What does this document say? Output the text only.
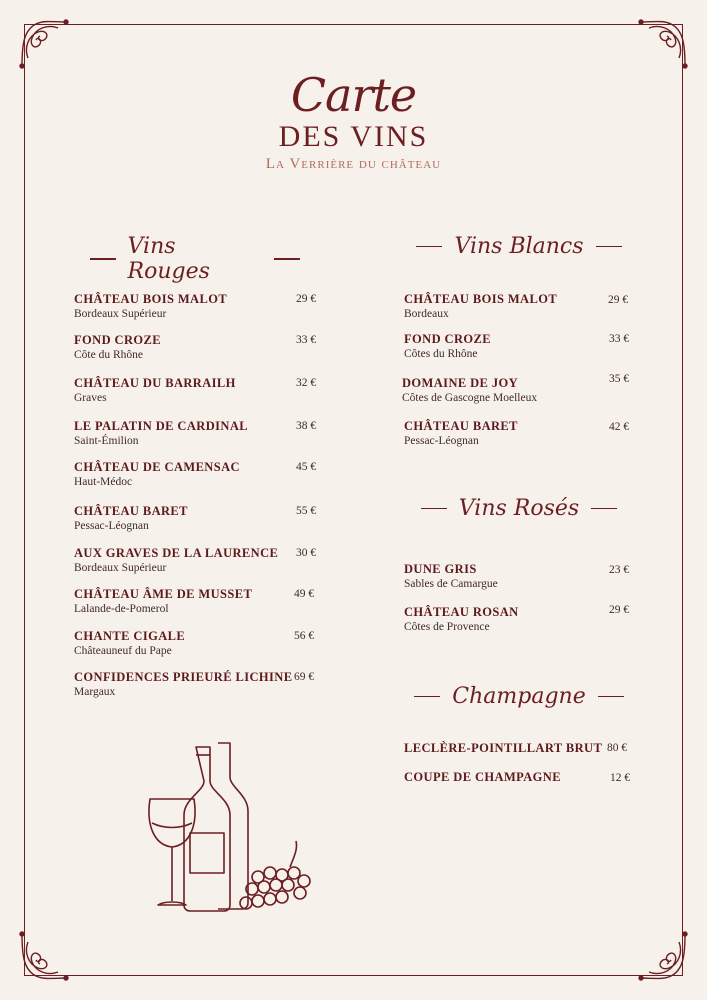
Carte
DES VINS
La Verrière du château
Vins Rouges
Vins Blancs
Vins Rosés
Champagne
CHÂTEAU BOIS MALOT
Bordeaux Supérieur
29 €
FOND CROZE
Côte du Rhône
33 €
CHÂTEAU DU BARRAILH
Graves
32 €
LE PALATIN DE CARDINAL
Saint-Émilion
38 €
CHÂTEAU DE CAMENSAC
Haut-Médoc
45 €
CHÂTEAU BARET
Pessac-Léognan
55 €
AUX GRAVES DE LA LAURENCE
Bordeaux Supérieur
30 €
CHÂTEAU ÂME DE MUSSET
Lalande-de-Pomerol
49 €
CHANTE CIGALE
Châteauneuf du Pape
56 €
CONFIDENCES PRIEURÉ LICHINE
Margaux
69 €
CHÂTEAU BOIS MALOT
Bordeaux
29 €
FOND CROZE
Côtes du Rhône
33 €
DOMAINE DE JOY
Côtes de Gascogne Moelleux
35 €
CHÂTEAU BARET
Pessac-Léognan
42 €
DUNE GRIS
Sables de Camargue
23 €
CHÂTEAU ROSAN
Côtes de Provence
29 €
LECLÈRE-POINTILLART BRUT 80 €
COUPE DE CHAMPAGNE	12 €
